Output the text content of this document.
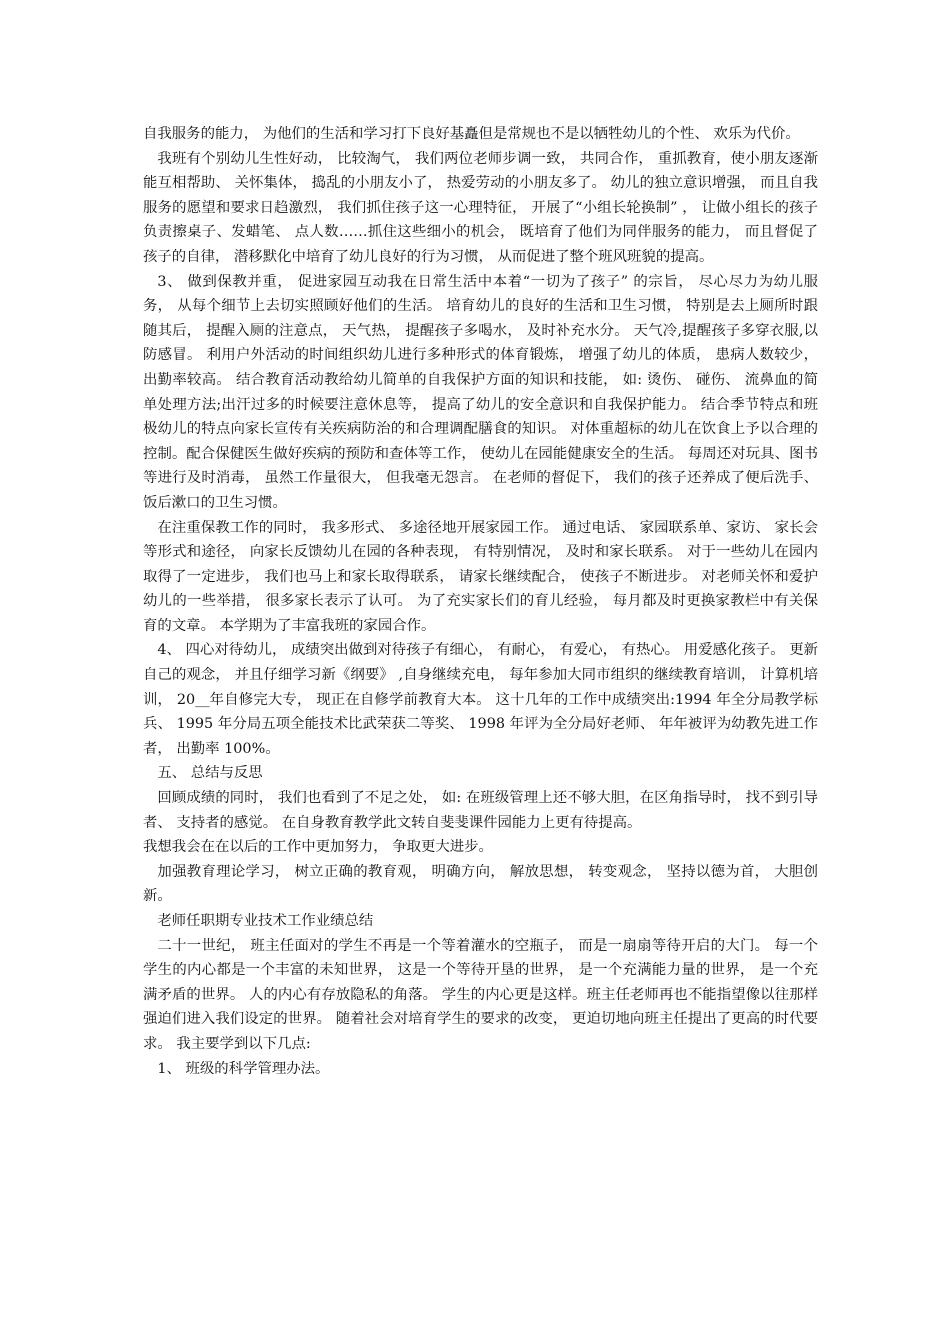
自我服务的能力， 为他们的生活和学习打下良好基矗但是常规也不是以牺牲幼儿的个性、 欢乐为代价。

我班有个别幼儿生性好动， 比较淘气， 我们两位老师步调一致， 共同合作， 重抓教育，使小朋友逐渐能互相帮助、 关怀集体， 捣乱的小朋友小了， 热爱劳动的小朋友多了。 幼儿的独立意识增强， 而且自我服务的愿望和要求日趋激烈， 我们抓住孩子这一心理特征， 开展了“小组长轮换制” ， 让做小组长的孩子负责擦桌子、发蜡笔、 点人数……抓住这些细小的机会， 既培育了他们为同伴服务的能力， 而且督促了孩子的自律， 潜移默化中培育了幼儿良好的行为习惯， 从而促进了整个班风班貌的提高。

3、 做到保教并重， 促进家园互动我在日常生活中本着“一切为了孩子” 的宗旨， 尽心尽力为幼儿服务， 从每个细节上去切实照顾好他们的生活。 培育幼儿的良好的生活和卫生习惯， 特别是去上厕所时跟随其后， 提醒入厕的注意点， 天气热， 提醒孩子多喝水， 及时补充水分。 天气冷,提醒孩子多穿衣服,以防感冒。 利用户外活动的时间组织幼儿进行多种形式的体育锻炼， 增强了幼儿的体质， 患病人数较少， 出勤率较高。 结合教育活动教给幼儿简单的自我保护方面的知识和技能， 如: 烫伤、 碰伤、 流鼻血的简单处理方法;出汗过多的时候要注意休息等， 提高了幼儿的安全意识和自我保护能力。 结合季节特点和班极幼儿的特点向家长宣传有关疾病防治的和合理调配膳食的知识。 对体重超标的幼儿在饮食上予以合理的控制。配合保健医生做好疾病的预防和查体等工作， 使幼儿在园能健康安全的生活。 每周还对玩具、图书等进行及时消毒， 虽然工作量很大， 但我毫无怨言。 在老师的督促下， 我们的孩子还养成了便后洗手、 饭后漱口的卫生习惯。

在注重保教工作的同时， 我多形式、 多途径地开展家园工作。 通过电话、 家园联系单、家访、 家长会等形式和途径， 向家长反馈幼儿在园的各种表现， 有特别情况， 及时和家长联系。 对于一些幼儿在园内取得了一定进步， 我们也马上和家长取得联系， 请家长继续配合， 使孩子不断进步。 对老师关怀和爱护幼儿的一些举措， 很多家长表示了认可。 为了充实家长们的育儿经验， 每月都及时更换家教栏中有关保育的文章。 本学期为了丰富我班的家园合作。

4、 四心对待幼儿， 成绩突出做到对待孩子有细心， 有耐心， 有爱心， 有热心。 用爱感化孩子。 更新自己的观念， 并且仔细学习新《纲要》 ,自身继续充电， 每年参加大同市组织的继续教育培训， 计算机培训， 20__年自修完大专， 现正在自修学前教育大本。 这十几年的工作中成绩突出:1994 年全分局教学标兵、 1995 年分局五项全能技术比武荣获二等奖、 1998 年评为全分局好老师、 年年被评为幼教先进工作者， 出勤率 100%。

五、 总结与反思

回顾成绩的同时， 我们也看到了不足之处， 如: 在班级管理上还不够大胆，在区角指导时， 找不到引导者、 支持者的感觉。 在自身教育教学此文转自斐斐课件园能力上更有待提高。

我想我会在在以后的工作中更加努力， 争取更大进步。

加强教育理论学习， 树立正确的教育观， 明确方向， 解放思想， 转变观念， 坚持以德为首， 大胆创新。

老师任职期专业技术工作业绩总结

二十一世纪， 班主任面对的学生不再是一个等着灌水的空瓶子， 而是一扇扇等待开启的大门。 每一个学生的内心都是一个丰富的未知世界， 这是一个等待开垦的世界， 是一个充满能力量的世界， 是一个充满矛盾的世界。 人的内心有存放隐私的角落。 学生的内心更是这样。班主任老师再也不能指望像以往那样强迫们进入我们设定的世界。 随着社会对培育学生的要求的改变， 更迫切地向班主任提出了更高的时代要求。 我主要学到以下几点:

1、 班级的科学管理办法。
